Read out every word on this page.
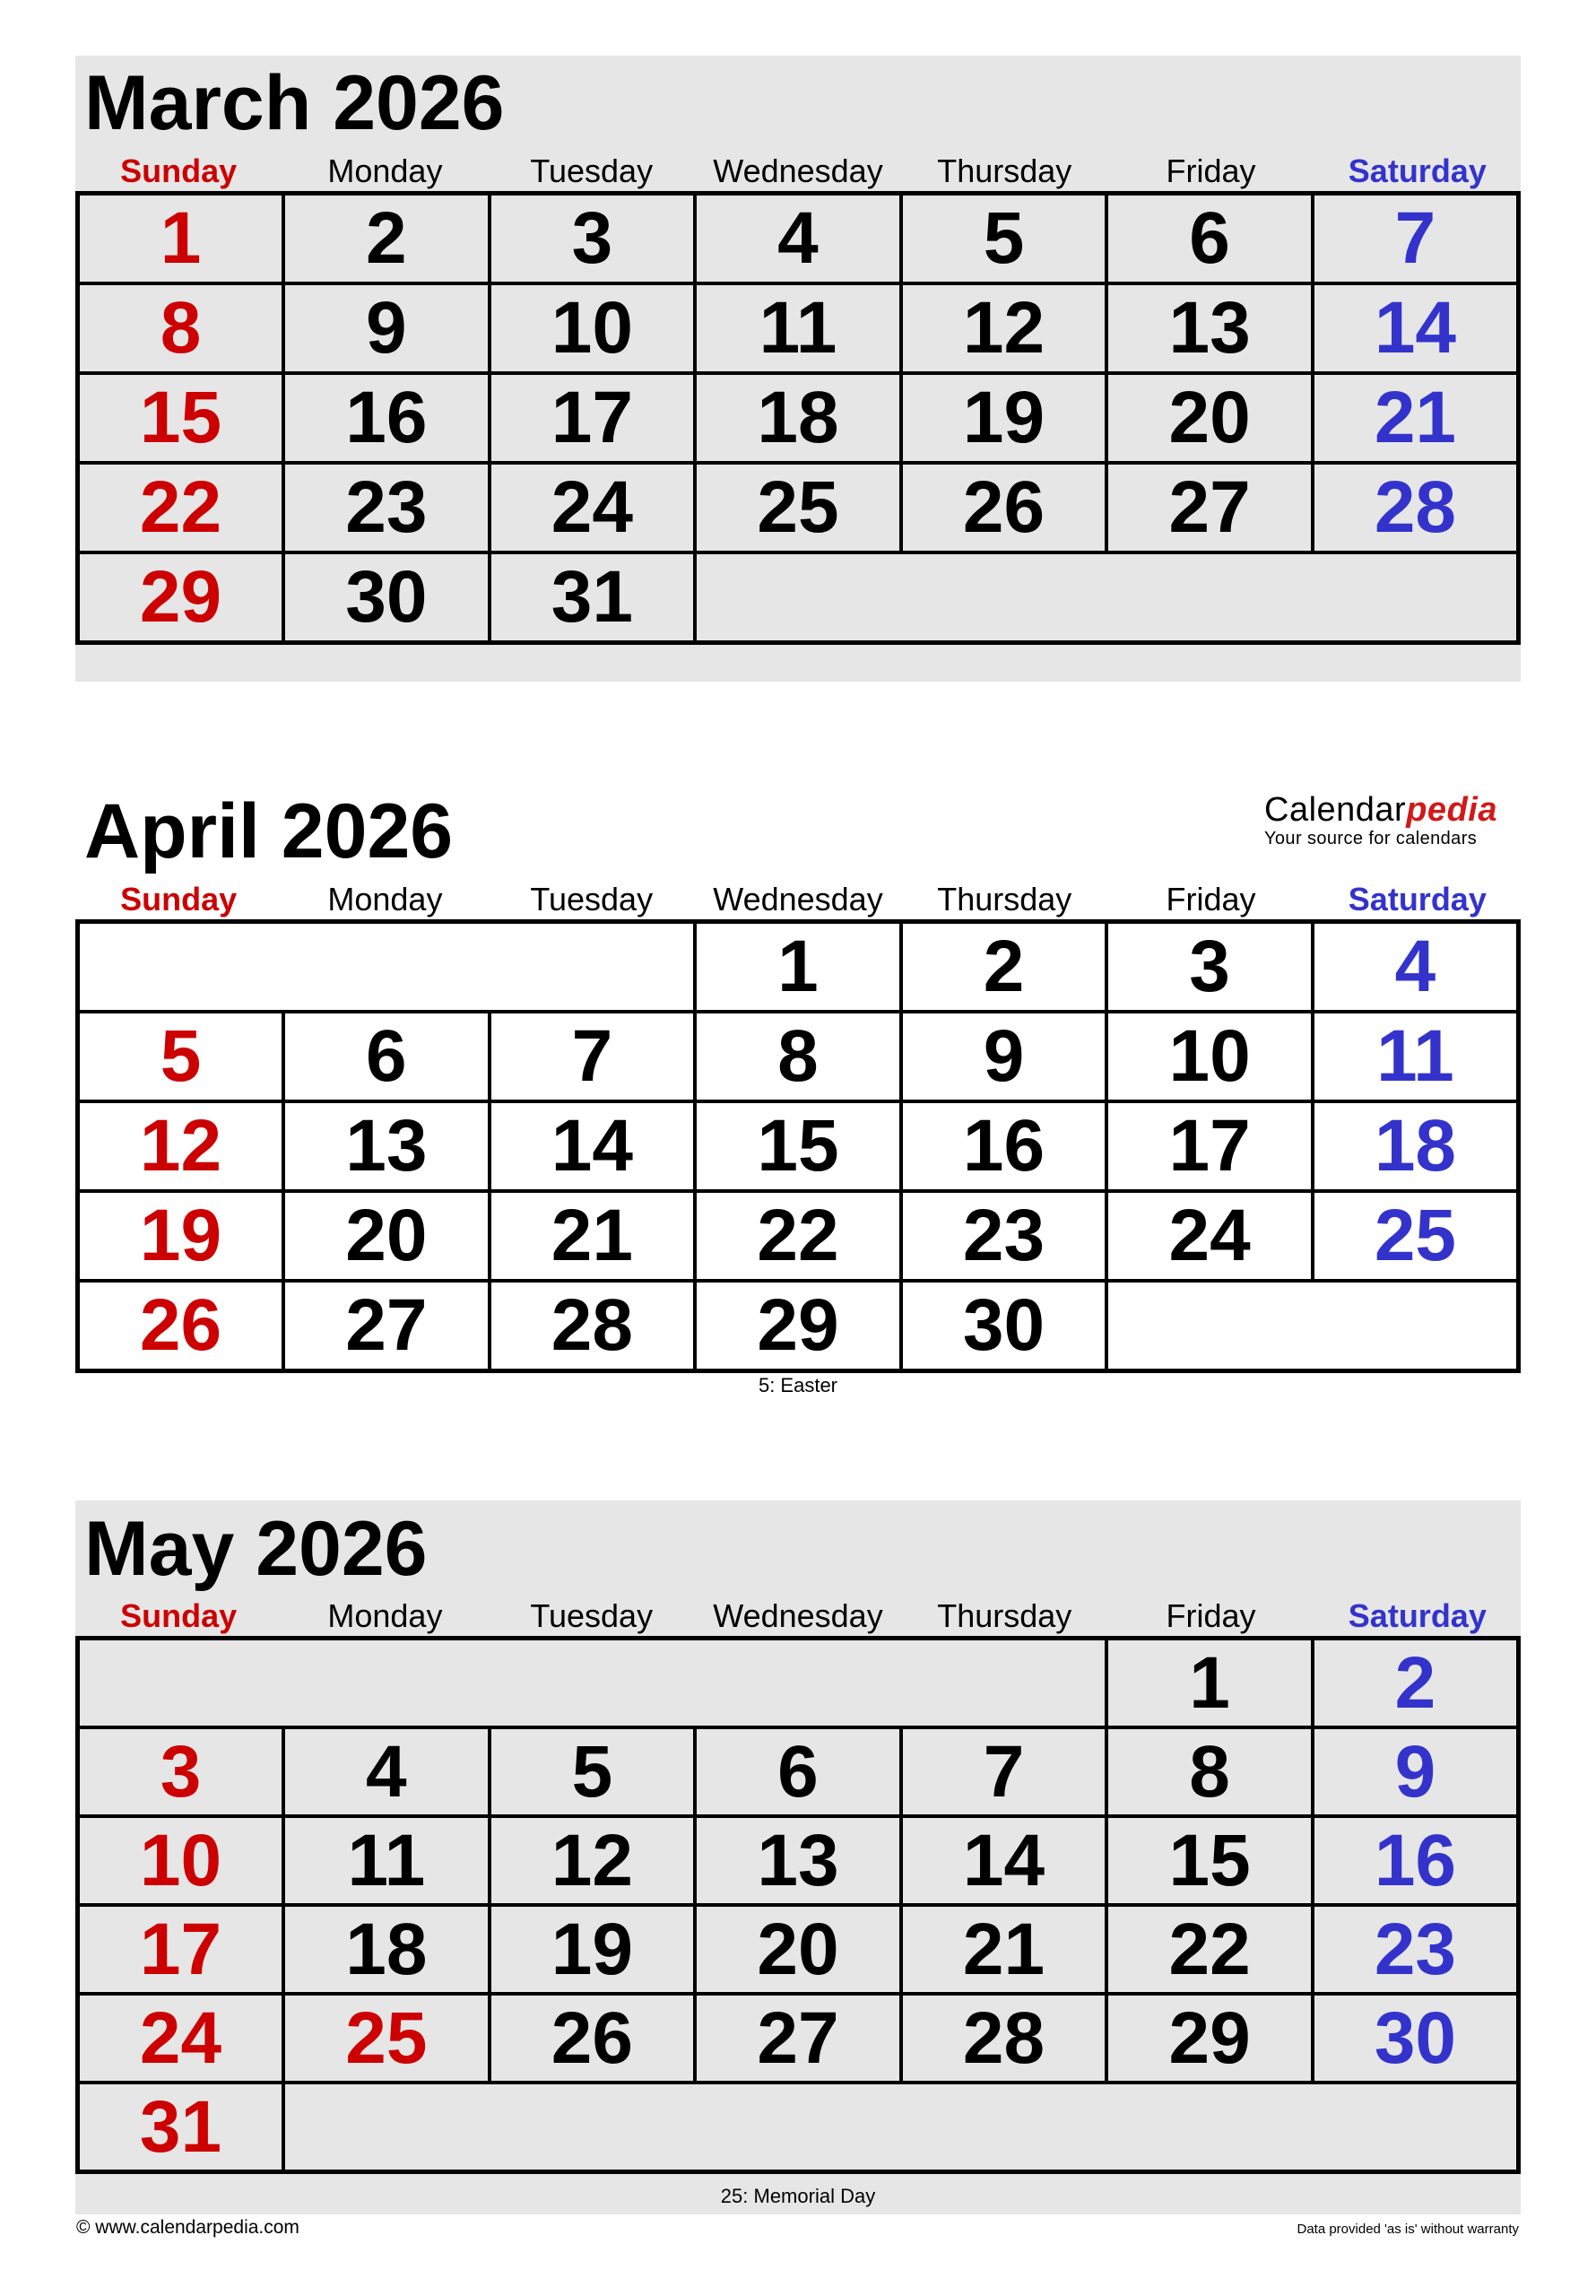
March 2026
Sunday	Monday	Tuesday	Wednesday	Thursday	Friday	Saturday
1	2	3	4	5	6	7
8	9	10	11	12	13	14
15	16	17	18	19	20	21
22	23	24	25	26	27	28
29	30	31				
April 2026	Calendarpedia
Your source for calendars
Sunday	Monday	Tuesday	Wednesday	Thursday	Friday	Saturday
			1	2	3	4
5	6	7	8	9	10	11
12	13	14	15	16	17	18
19	20	21	22	23	24	25
26	27	28	29	30		
5: Easter
May 2026
Sunday	Monday	Tuesday	Wednesday	Thursday	Friday	Saturday
					1	2
3	4	5	6	7	8	9
10	11	12	13	14	15	16
17	18	19	20	21	22	23
24	25	26	27	28	29	30
31						
25: Memorial Day
© www.calendarpedia.com	Data provided 'as is' without warranty
